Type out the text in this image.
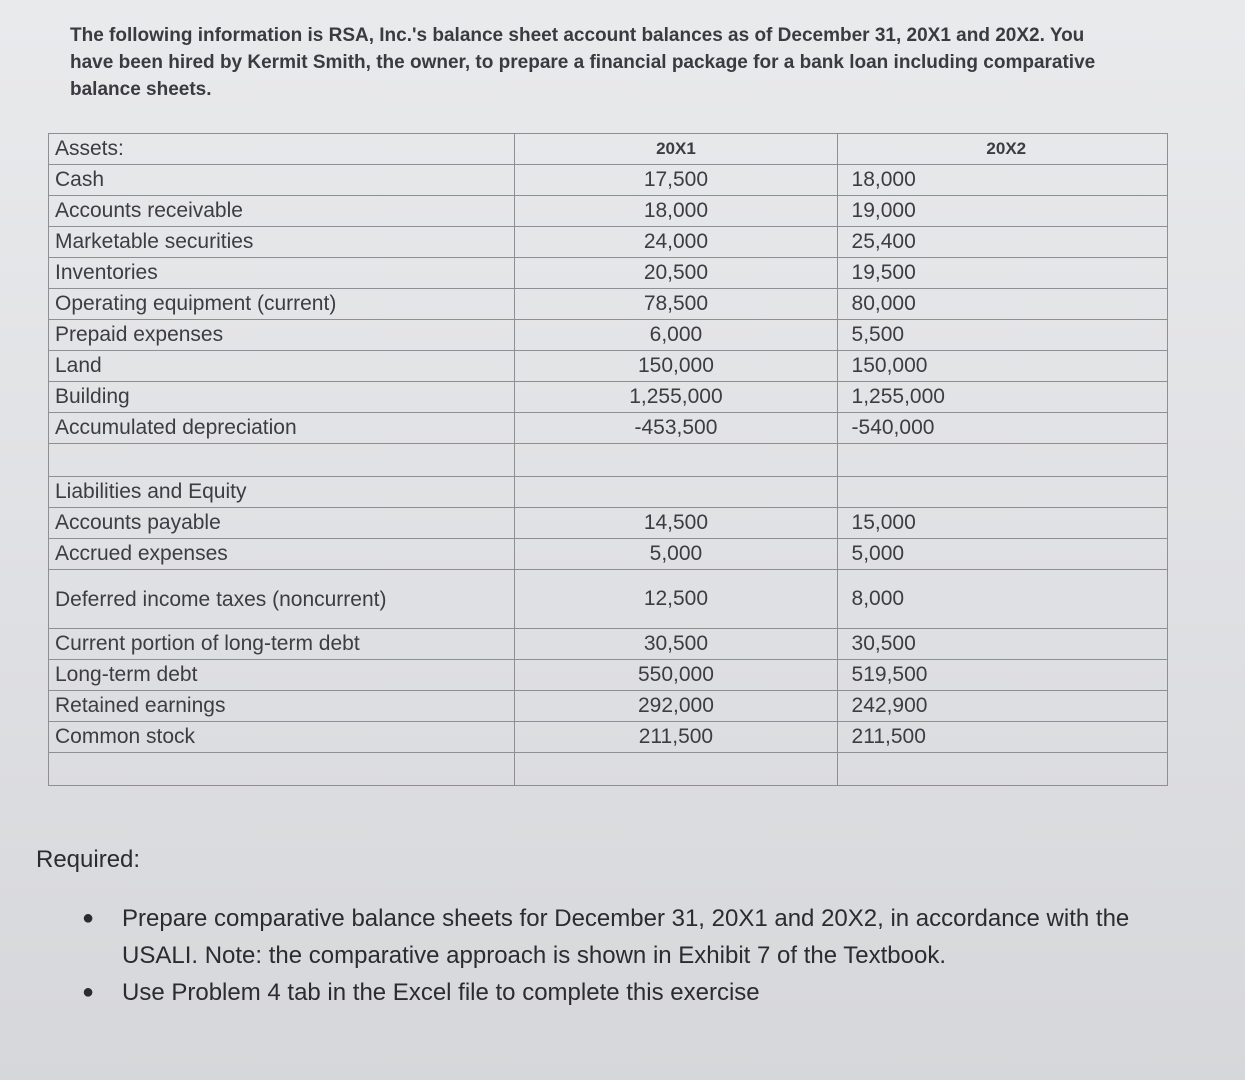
The following information is RSA, Inc.'s balance sheet account balances as of December 31, 20X1 and 20X2. You have been hired by Kermit Smith, the owner, to prepare a financial package for a bank loan including comparative balance sheets.

Assets:	20X1	20X2
Cash	17,500	18,000
Accounts receivable	18,000	19,000
Marketable securities	24,000	25,400
Inventories	20,500	19,500
Operating equipment (current)	78,500	80,000
Prepaid expenses	6,000	5,500
Land	150,000	150,000
Building	1,255,000	1,255,000
Accumulated depreciation	-453,500	-540,000

Liabilities and Equity		
Accounts payable	14,500	15,000
Accrued expenses	5,000	5,000
Deferred income taxes (noncurrent)	12,500	8,000
Current portion of long-term debt	30,500	30,500
Long-term debt	550,000	519,500
Retained earnings	292,000	242,900
Common stock	211,500	211,500

Required:
● Prepare comparative balance sheets for December 31, 20X1 and 20X2, in accordance with the USALI. Note: the comparative approach is shown in Exhibit 7 of the Textbook.
● Use Problem 4 tab in the Excel file to complete this exercise
